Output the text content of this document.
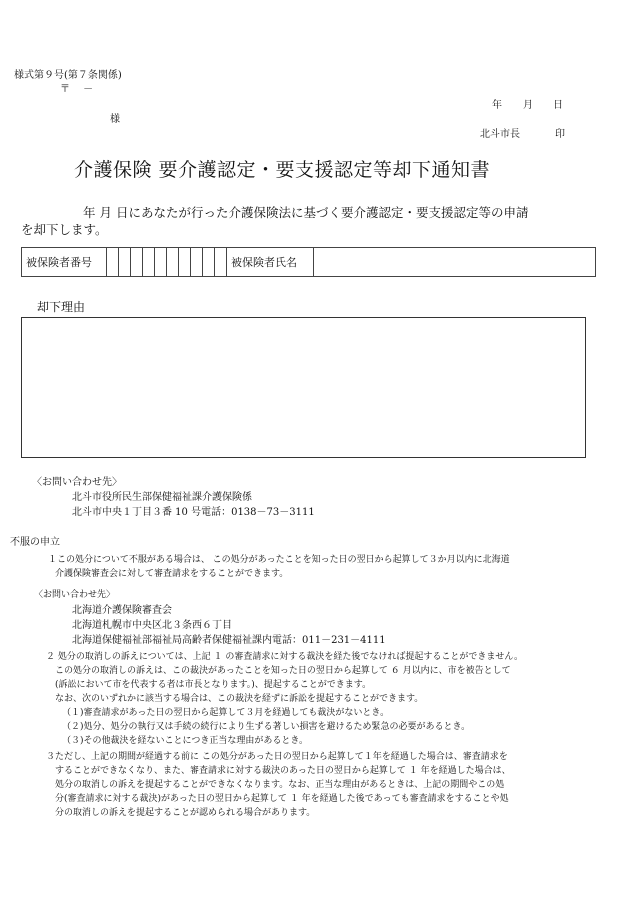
様式第９号(第７条関係)
〒　 －
様
年 月 日
北斗市長	印
介護保険 要介護認定・要支援認定等却下通知書
年 月 日にあなたが行った介護保険法に基づく要介護認定・要支援認定等の申請
を却下します。
被保険者番号											被保険者氏名	
却下理由
〈お問い合わせ先〉
北斗市役所民生部保健福祉課介護保険係
北斗市中央１丁目３番 10 号電話：0138－73－3111
不服の申立
１この処分について不服がある場合は、 この処分があったことを知った日の翌日から起算して３か月以内に北海道
介護保険審査会に対して審査請求をすることができます。
〈お問い合わせ先〉
北海道介護保険審査会
北海道札幌市中央区北３条西６丁目
北海道保健福祉部福祉局高齢者保健福祉課内電話：011－231－4111
２ 処分の取消しの訴えについては、上記 １ の審査請求に対する裁決を経た後でなければ提起することができません。
この処分の取消しの訴えは、この裁決があったことを知った日の翌日から起算して ６ 月以内に、市を被告として
(訴訟において市を代表する者は市長となります。)、提起することができます。
なお、次のいずれかに該当する場合は、この裁決を経ずに訴訟を提起することができます。
（１)審査請求があった日の翌日から起算して３月を経過しても裁決がないとき。
（２)処分、処分の執行又は手続の続行により生ずる著しい損害を避けるため緊急の必要があるとき。
（３)その他裁決を経ないことにつき正当な理由があるとき。
３ただし、上記の期間が経過する前に この処分があった日の翌日から起算して１年を経過した場合は、審査請求を
することができなくなり、また、審査請求に対する裁決のあった日の翌日から起算して １ 年を経過した場合は、
処分の取消しの訴えを提起することができなくなります。なお、正当な理由があるときは、上記の期間やこの処
分(審査請求に対する裁決)があった日の翌日から起算して １ 年を経過した後であっても審査請求をすることや処
分の取消しの訴えを提起することが認められる場合があります。
